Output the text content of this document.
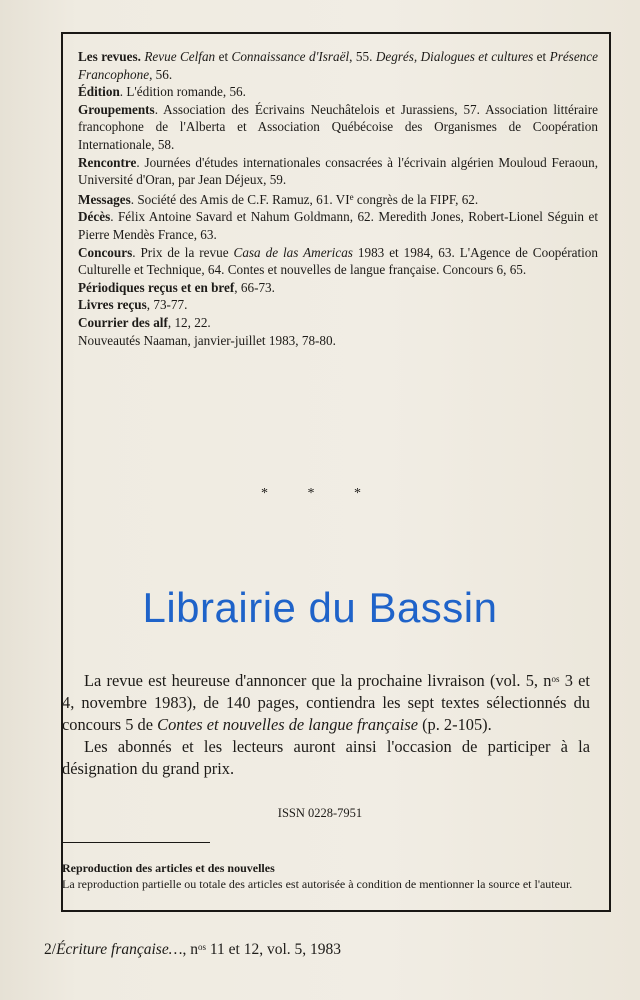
Les revues. Revue Celfan et Connaissance d'Israël, 55. Degrés, Dialogues et cultures et Présence Francophone, 56.

Édition. L'édition romande, 56.

Groupements. Association des Écrivains Neuchâtelois et Jurassiens, 57. Association littéraire francophone de l'Alberta et Association Québécoise des Organismes de Coopération Internationale, 58.

Rencontre. Journées d'études internationales consacrées à l'écrivain algérien Mouloud Feraoun, Université d'Oran, par Jean Déjeux, 59.

Messages. Société des Amis de C.F. Ramuz, 61. VIe congrès de la FIPF, 62.

Décès. Félix Antoine Savard et Nahum Goldmann, 62. Meredith Jones, Robert-Lionel Séguin et Pierre Mendès France, 63.

Concours. Prix de la revue Casa de las Americas 1983 et 1984, 63. L'Agence de Coopération Culturelle et Technique, 64. Contes et nouvelles de langue française. Concours 6, 65.

Périodiques reçus et en bref, 66-73.

Livres reçus, 73-77.

Courrier des alf, 12, 22.

Nouveautés Naaman, janvier-juillet 1983, 78-80.

* * *
Librairie du Bassin

La revue est heureuse d'annoncer que la prochaine livraison (vol. 5, $n^{os}$ 3 et 4, novembre 1983), de 140 pages, contiendra les sept textes sélectionnés du concours 5 de Contes et nouvelles de langue française (p. 2-105).

Les abonnés et les lecteurs auront ainsi l'occasion de participer à la désignation du grand prix.

ISSN 0228-7951

Reproduction des articles et des nouvelles

La reproduction partielle ou totale des articles est autorisée à condition de mentionner la source et l'auteur.

2/Écriture française…, $n^{os}$ 11 et 12, vol. 5, 1983
